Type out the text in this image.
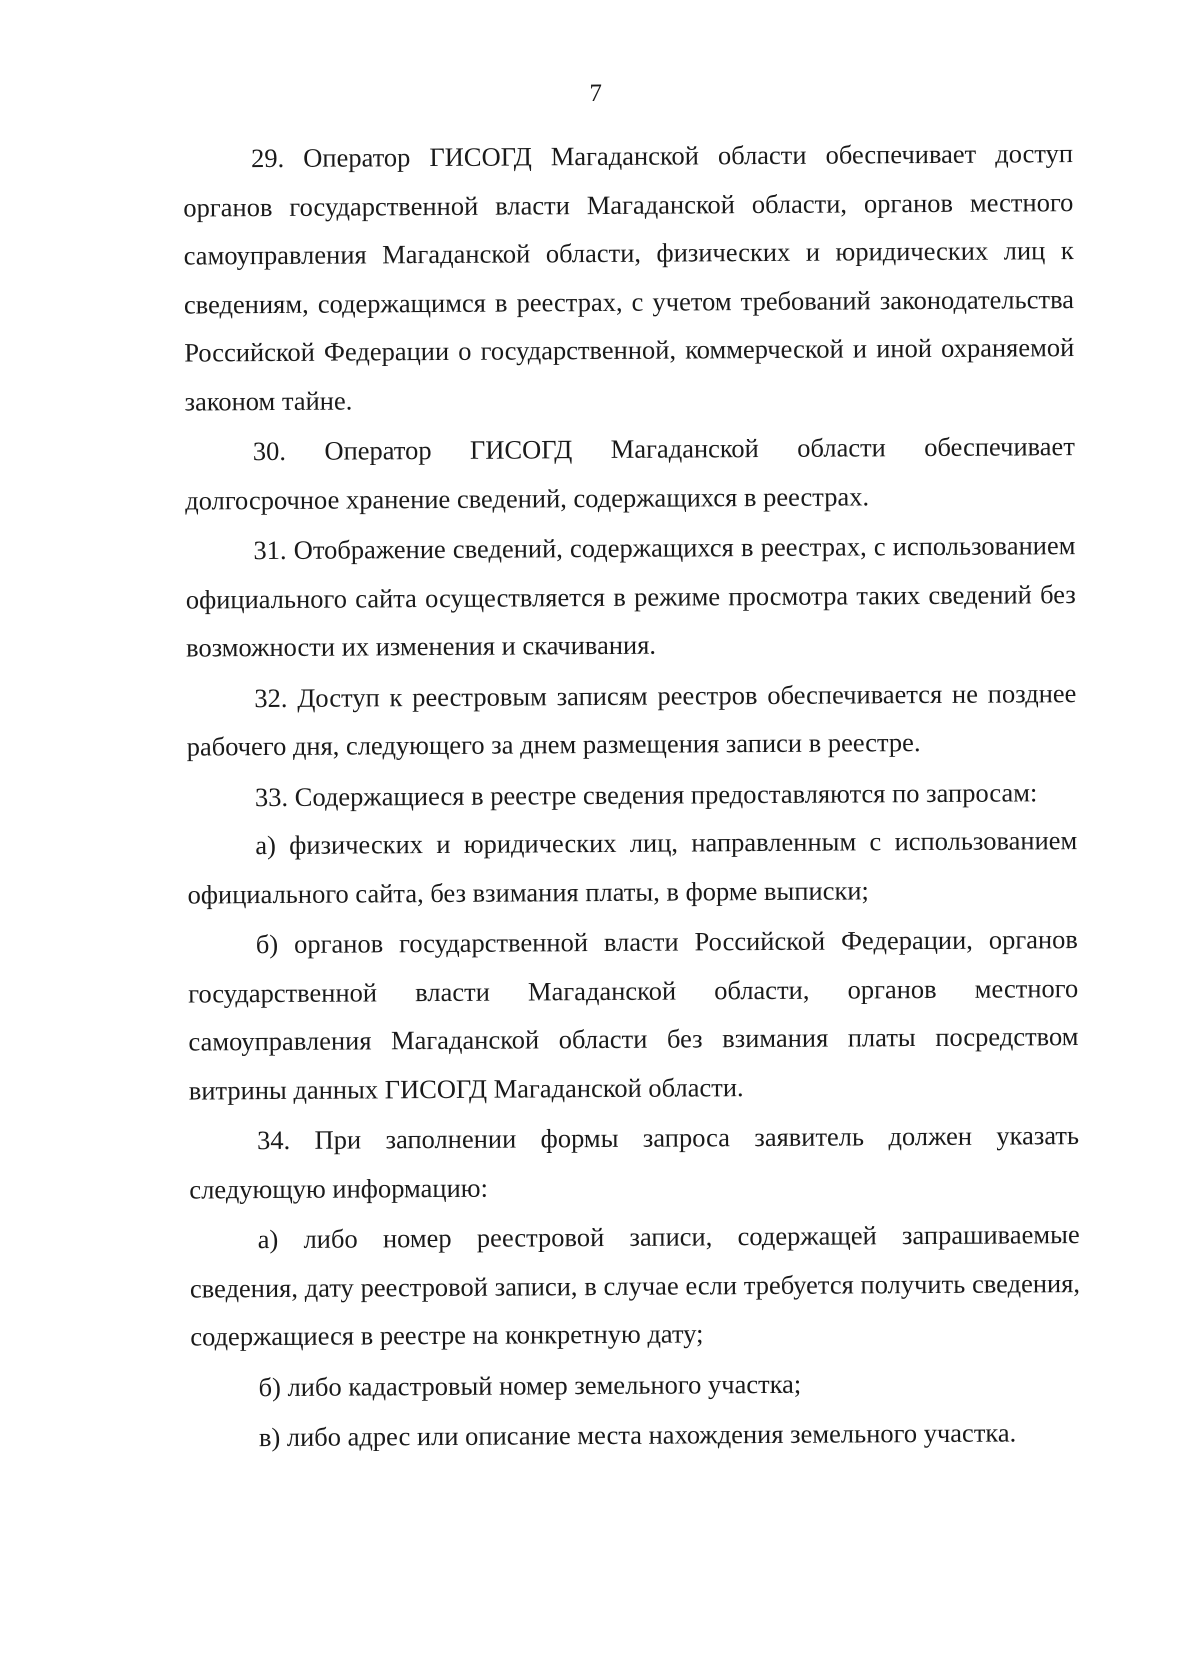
7

29. Оператор ГИСОГД Магаданской области обеспечивает доступ органов государственной власти Магаданской области, органов местного самоуправления Магаданской области, физических и юридических лиц к сведениям, содержащимся в реестрах, с учетом требований законодательства Российской Федерации о государственной, коммерческой и иной охраняемой законом тайне.

30. Оператор ГИСОГД Магаданской области обеспечивает долгосрочное хранение сведений, содержащихся в реестрах.

31. Отображение сведений, содержащихся в реестрах, с использованием официального сайта осуществляется в режиме просмотра таких сведений без возможности их изменения и скачивания.

32. Доступ к реестровым записям реестров обеспечивается не позднее рабочего дня, следующего за днем размещения записи в реестре.

33. Содержащиеся в реестре сведения предоставляются по запросам:

а) физических и юридических лиц, направленным с использованием официального сайта, без взимания платы, в форме выписки;

б) органов государственной власти Российской Федерации, органов государственной власти Магаданской области, органов местного самоуправления Магаданской области без взимания платы посредством витрины данных ГИСОГД Магаданской области.

34. При заполнении формы запроса заявитель должен указать следующую информацию:

а) либо номер реестровой записи, содержащей запрашиваемые сведения, дату реестровой записи, в случае если требуется получить сведения, содержащиеся в реестре на конкретную дату;

б) либо кадастровый номер земельного участка;

в) либо адрес или описание места нахождения земельного участка.
